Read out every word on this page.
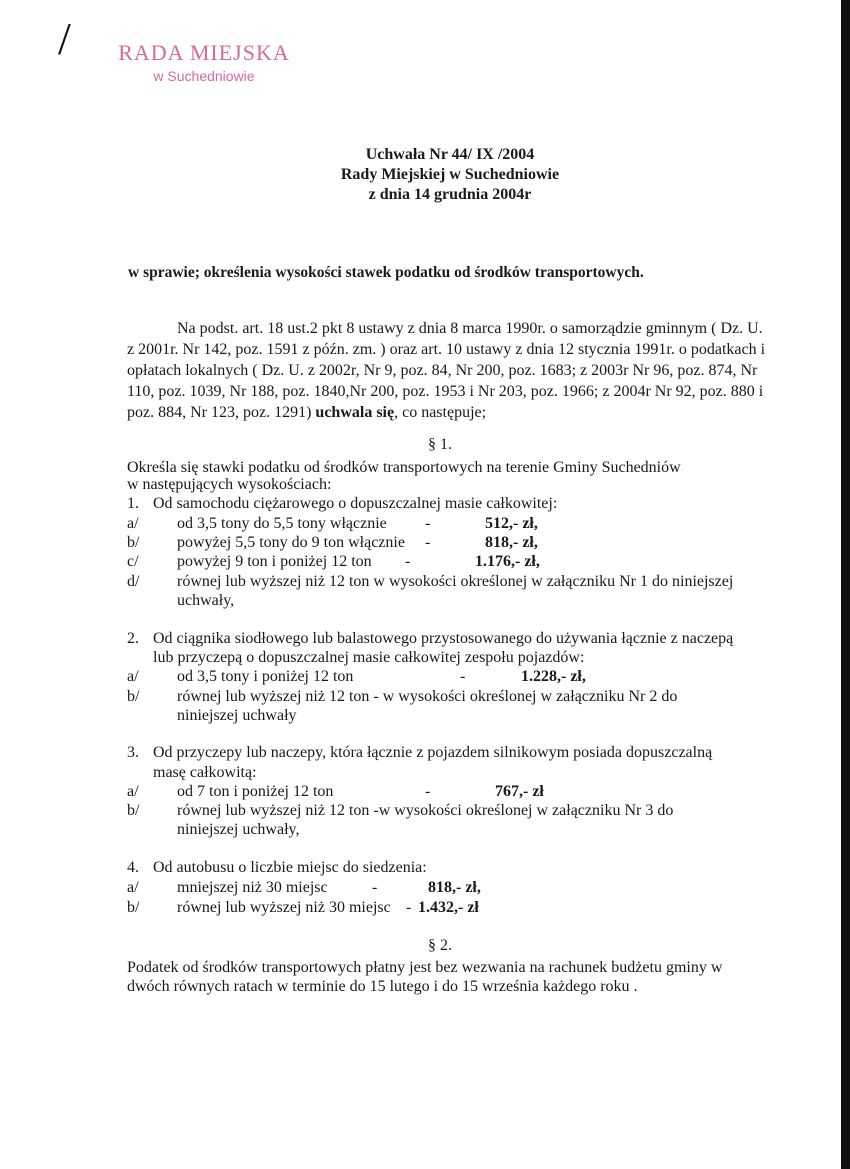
/	RADA MIEJSKA
w Suchedniowie
Uchwała Nr 44/ IX /2004
Rady Miejskiej w Suchedniowie
z dnia 14 grudnia 2004r
w sprawie; określenia wysokości stawek podatku od środków transportowych.
Na podst. art. 18 ust.2 pkt 8 ustawy z dnia 8 marca 1990r. o samorządzie gminnym ( Dz. U. z 2001r. Nr 142, poz. 1591 z późn. zm. ) oraz art. 10 ustawy z dnia 12 stycznia 1991r. o podatkach i opłatach lokalnych ( Dz. U. z 2002r, Nr 9, poz. 84, Nr 200, poz. 1683; z 2003r Nr 96, poz. 874, Nr 110, poz. 1039, Nr 188, poz. 1840,Nr 200, poz. 1953 i Nr 203, poz. 1966; z 2004r Nr 92, poz. 880 i poz. 884, Nr 123, poz. 1291) uchwala się, co następuje;
§ 1.
Określa się stawki podatku od środków transportowych na terenie Gminy Suchedniów
w następujących wysokościach:
1. Od samochodu ciężarowego o dopuszczalnej masie całkowitej:
a/ od 3,5 tony do 5,5 tony włącznie -	512,- zł,
b/ powyżej 5,5 tony do 9 ton włącznie -	818,- zł,
c/ powyżej 9 ton i poniżej 12 ton -	1.176,- zł,
d/ równej lub wyższej niż 12 ton w wysokości określonej w załączniku Nr 1 do niniejszej
uchwały,
2. Od ciągnika siodłowego lub balastowego przystosowanego do używania łącznie z naczepą
lub przyczepą o dopuszczalnej masie całkowitej zespołu pojazdów:
a/ od 3,5 tony i poniżej 12 ton	-	1.228,- zł,
b/ równej lub wyższej niż 12 ton - w wysokości określonej w załączniku Nr 2 do
niniejszej uchwały
3. Od przyczepy lub naczepy, która łącznie z pojazdem silnikowym posiada dopuszczalną
masę całkowitą:
a/ od 7 ton i poniżej 12 ton	-	767,- zł
b/ równej lub wyższej niż 12 ton -w wysokości określonej w załączniku Nr 3 do
niniejszej uchwały,
4. Od autobusu o liczbie miejsc do siedzenia:
a/ mniejszej niż 30 miejsc	-	818,- zł,
b/ równej lub wyższej niż 30 miejsc - 1.432,- zł
§ 2.
Podatek od środków transportowych płatny jest bez wezwania na rachunek budżetu gminy w
dwóch równych ratach w terminie do 15 lutego i do 15 września każdego roku .
